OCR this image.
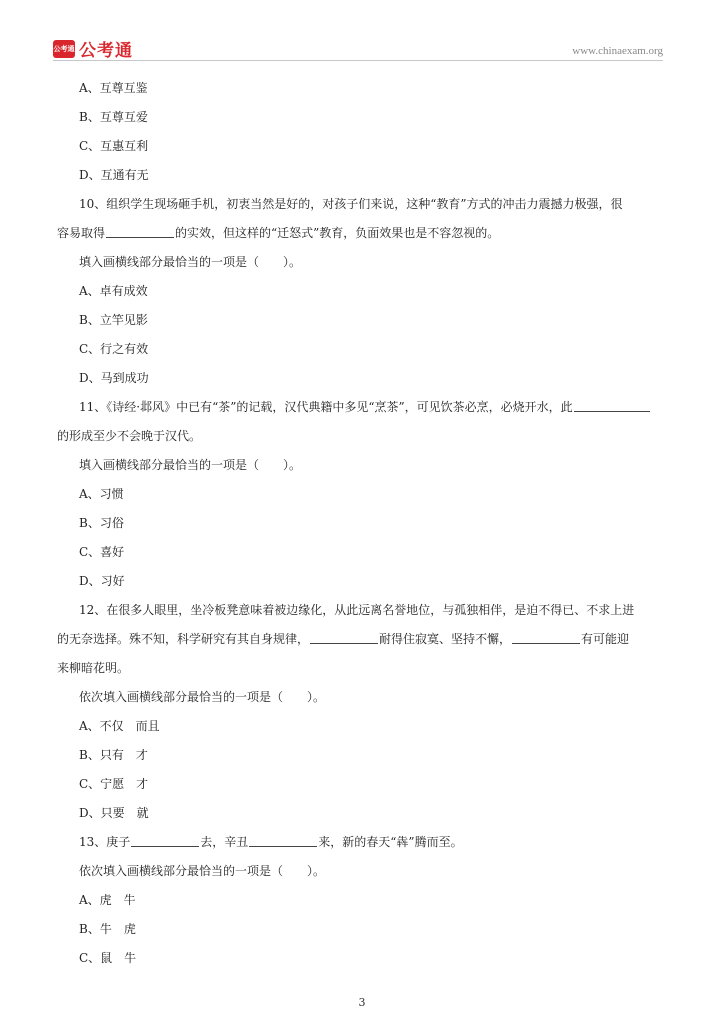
公考通 公考通	www.chinaexam.org

A、互尊互鉴

B、互尊互爱

C、互惠互利

D、互通有无

10、组织学生现场砸手机，初衷当然是好的，对孩子们来说，这种“教育”方式的冲击力震撼力极强，很

容易取得	的实效，但这样的“迁怒式”教育，负面效果也是不容忽视的。

填入画横线部分最恰当的一项是（　　）。

A、卓有成效

B、立竿见影

C、行之有效

D、马到成功

11、《诗经·邶风》中已有“茶”的记载，汉代典籍中多见“烹茶”，可见饮茶必烹，必烧开水，此

的形成至少不会晚于汉代。

填入画横线部分最恰当的一项是（　　）。

A、习惯

B、习俗

C、喜好

D、习好

12、在很多人眼里，坐冷板凳意味着被边缘化，从此远离名誉地位，与孤独相伴，是迫不得已、不求上进

的无奈选择。殊不知，科学研究有其自身规律，	耐得住寂寞、坚持不懈，	有可能迎

来柳暗花明。

依次填入画横线部分最恰当的一项是（　　）。

A、不仅　而且

B、只有　才

C、宁愿　才

D、只要　就

13、庚子	去，辛丑	来，新的春天“犇”腾而至。

依次填入画横线部分最恰当的一项是（　　）。

A、虎　牛

B、牛　虎

C、鼠　牛

3
